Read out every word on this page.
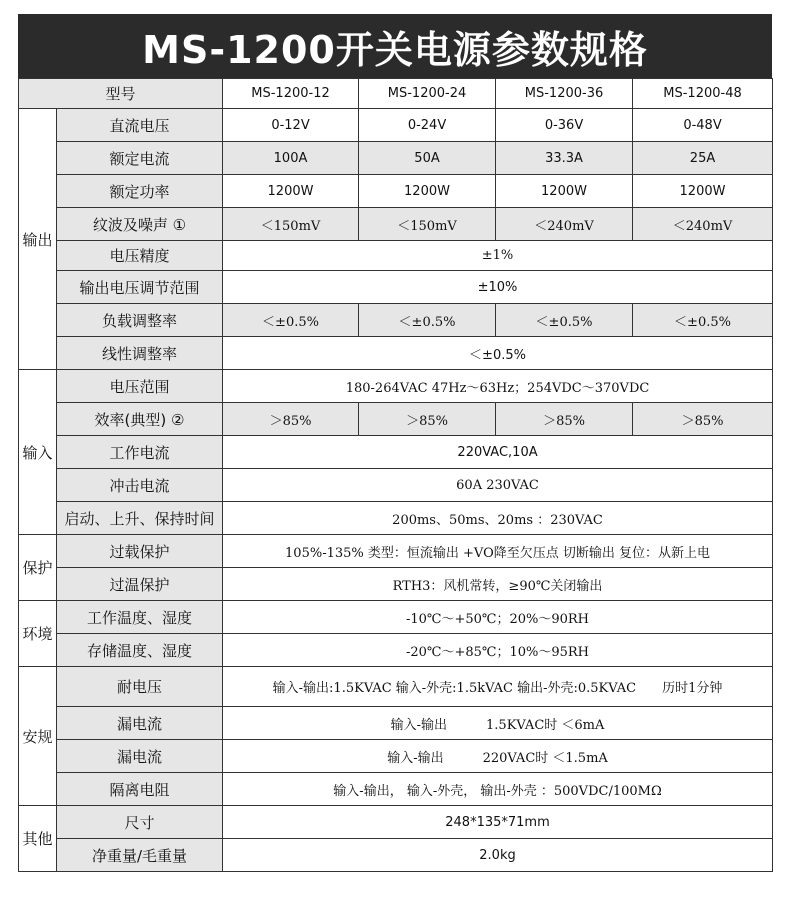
MS-1200开关电源参数规格
型号		MS-1200-12	MS-1200-24	MS-1200-36	MS-1200-48
输出	直流电压	0-12V	0-24V	0-36V	0-48V
	额定电流	100A	50A	33.3A	25A
	额定功率	1200W	1200W	1200W	1200W
	纹波及噪声 ①	＜150mV	＜150mV	＜240mV	＜240mV
	电压精度	±1%			
	输出电压调节范围	±10%			
	负载调整率	＜±0.5%	＜±0.5%	＜±0.5%	＜±0.5%
	线性调整率	＜±0.5%			
输入	电压范围	180-264VAC 47Hz～63Hz；254VDC～370VDC			
	效率(典型) ②	＞85%	＞85%	＞85%	＞85%
	工作电流	220VAC,10A			
	冲击电流	60A 230VAC			
	启动、上升、保持时间	200ms、50ms、20ms ：230VAC			
保护	过载保护	105%-135% 类型：恒流输出 +VO降至欠压点 切断输出 复位：从新上电			
	过温保护	RTH3：风机常转，≥90℃关闭输出			
环境	工作温度、湿度	-10℃～+50℃；20%～90RH			
	存储温度、湿度	-20℃～+85℃；10%～95RH			
安规	耐电压	输入-输出:1.5KVAC 输入-外壳:1.5kVAC 输出-外壳:0.5KVAC　　历时1分钟			
	漏电流	输入-输出　　　1.5KVAC时 ＜6mA			
	漏电流	输入-输出　　　220VAC时 ＜1.5mA			
	隔离电阻	输入-输出， 输入-外壳， 输出-外壳 ：500VDC/100MΩ			
其他	尺寸	248*135*71mm			
	净重量/毛重量	2.0kg			
